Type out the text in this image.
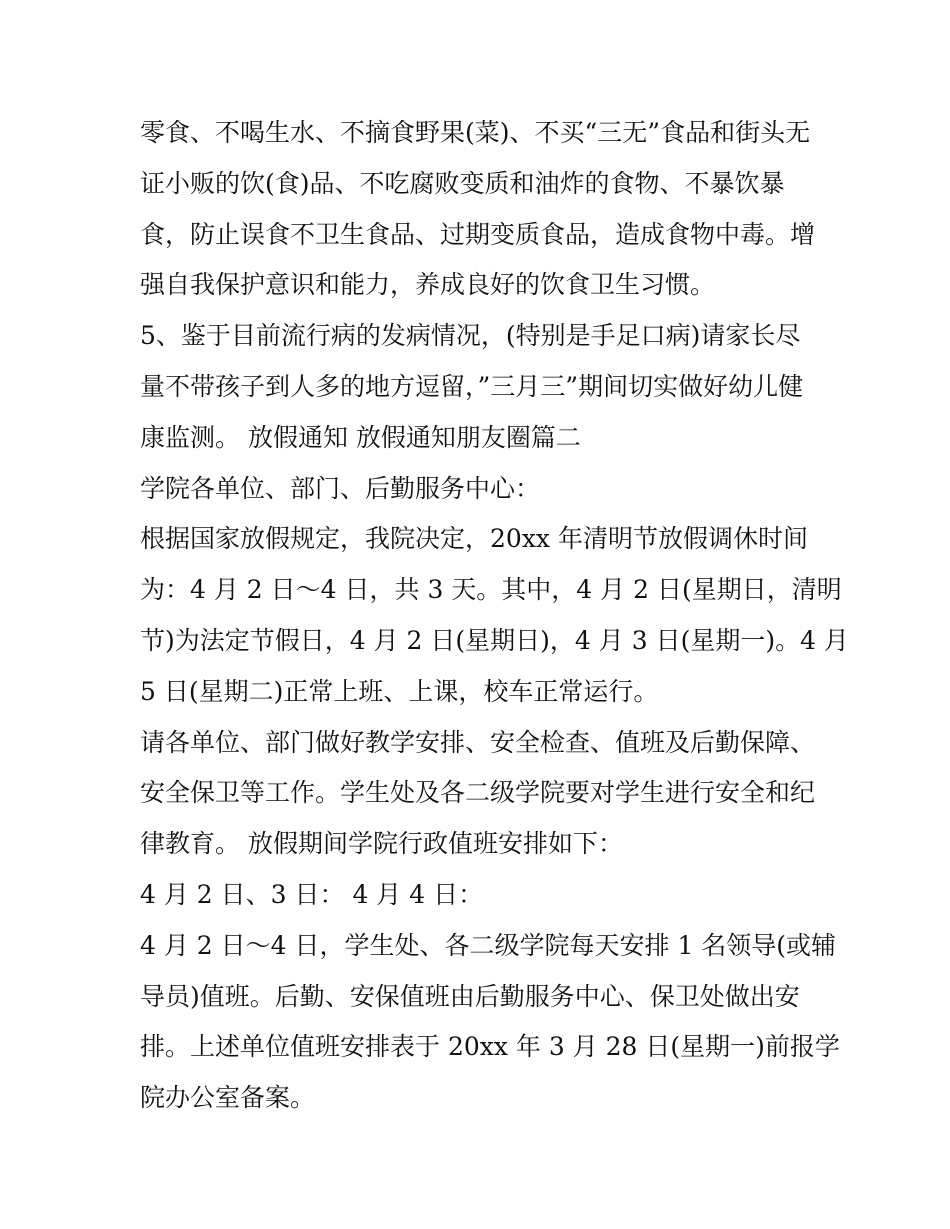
零食、不喝生水、不摘食野果(菜)、不买“三无”食品和街头无
证小贩的饮(食)品、不吃腐败变质和油炸的食物、不暴饮暴
食，防止误食不卫生食品、过期变质食品，造成食物中毒。增
强自我保护意识和能力，养成良好的饮食卫生习惯。
5、鉴于目前流行病的发病情况，(特别是手足口病)请家长尽
量不带孩子到人多的地方逗留，”三月三”期间切实做好幼儿健
康监测。 放假通知 放假通知朋友圈篇二
学院各单位、部门、后勤服务中心：
根据国家放假规定，我院决定，20xx 年清明节放假调休时间
为：4 月 2 日～4 日，共 3 天。其中，4 月 2 日(星期日，清明
节)为法定节假日，4 月 2 日(星期日)，4 月 3 日(星期一)。4 月
5 日(星期二)正常上班、上课，校车正常运行。
请各单位、部门做好教学安排、安全检查、值班及后勤保障、
安全保卫等工作。学生处及各二级学院要对学生进行安全和纪
律教育。 放假期间学院行政值班安排如下：
4 月 2 日、3 日： 4 月 4 日：
4 月 2 日～4 日，学生处、各二级学院每天安排 1 名领导(或辅
导员)值班。后勤、安保值班由后勤服务中心、保卫处做出安
排。上述单位值班安排表于 20xx 年 3 月 28 日(星期一)前报学
院办公室备案。
